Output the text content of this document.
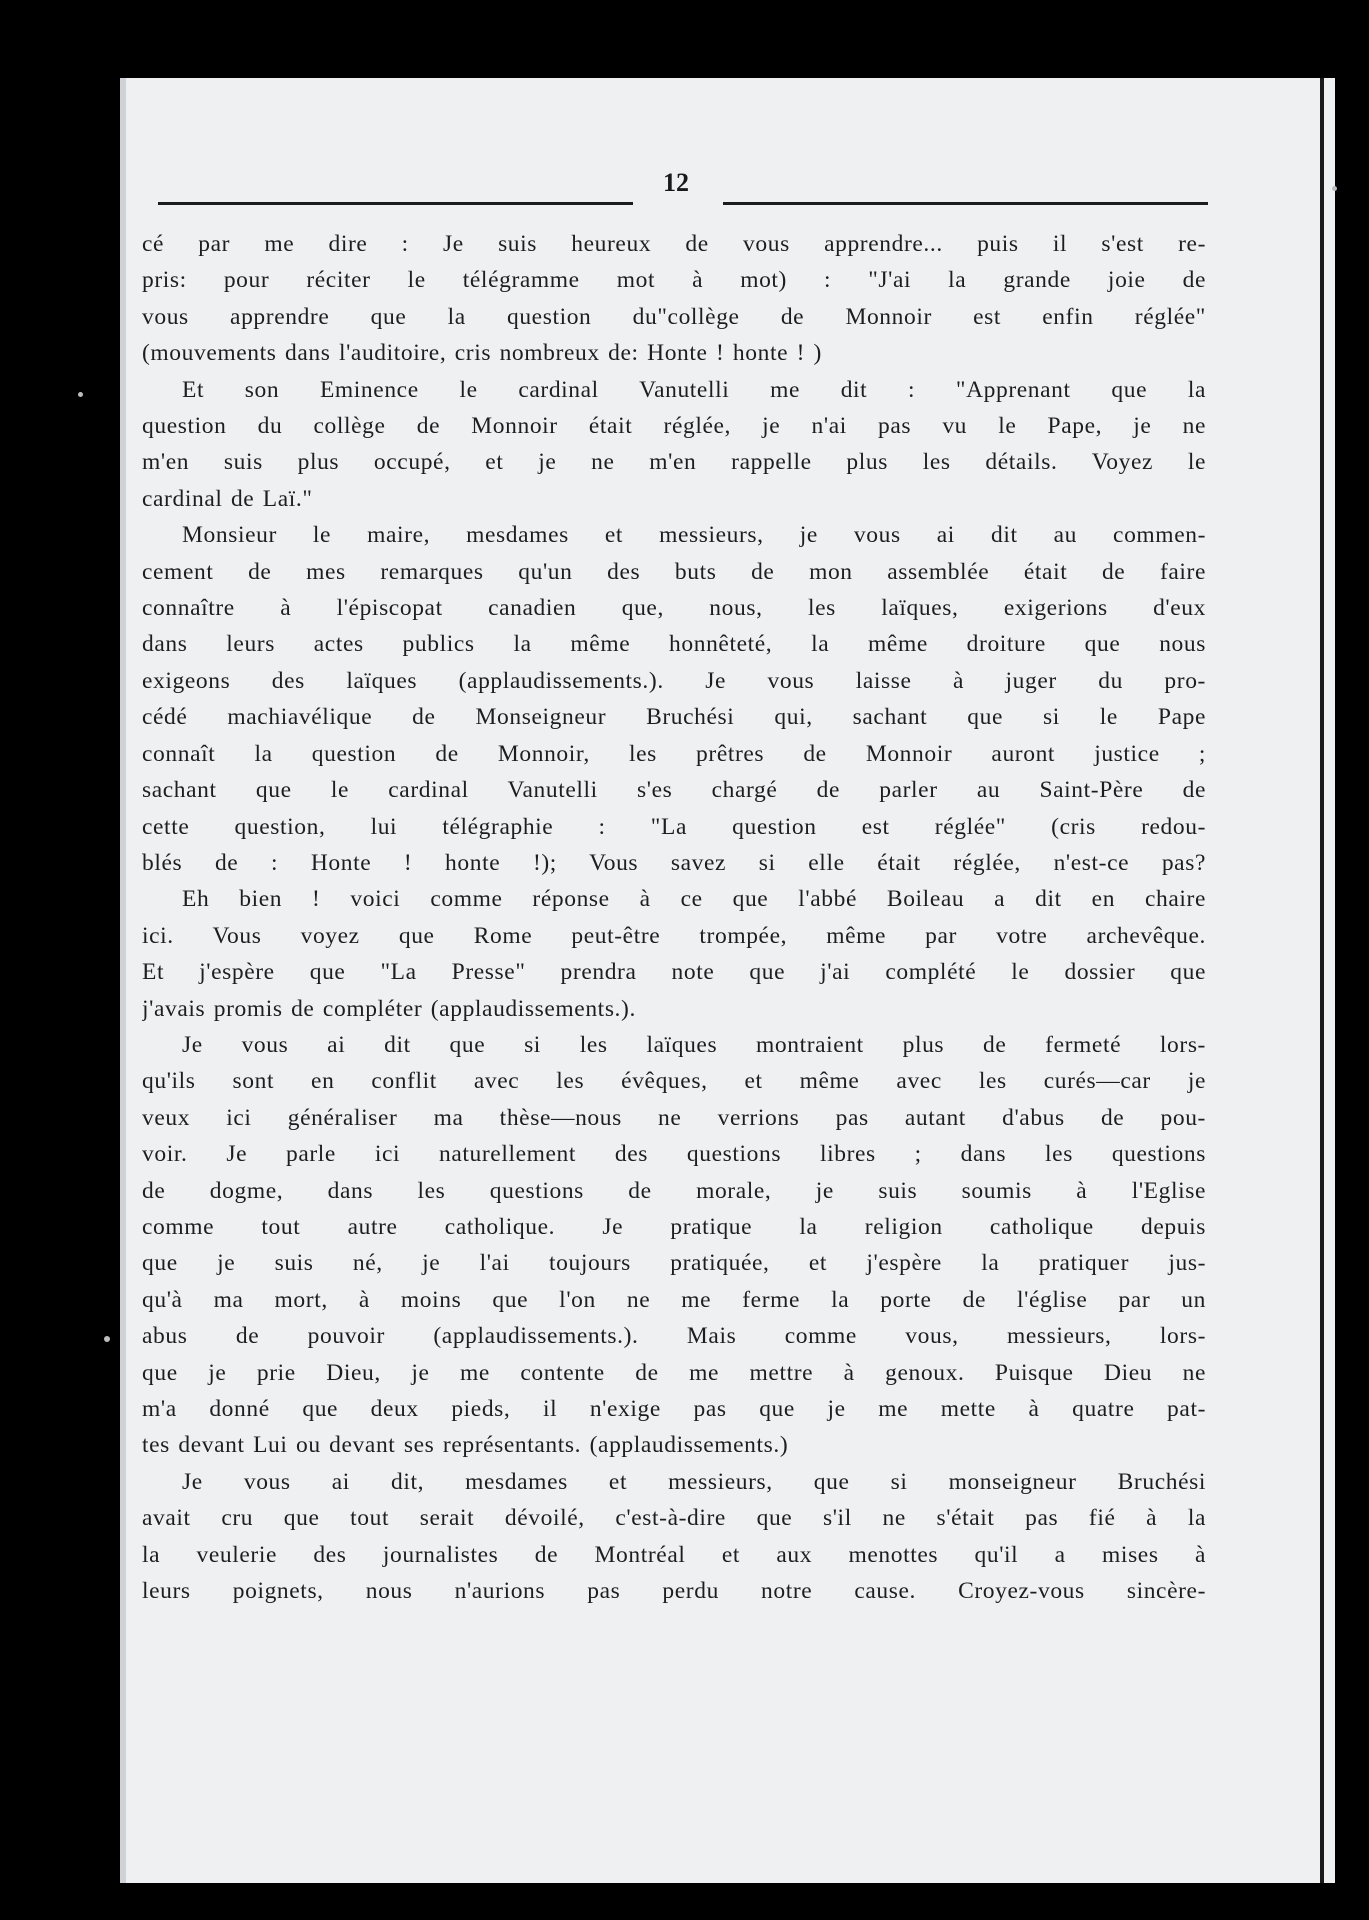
12
cé par me dire : Je suis heureux de vous apprendre... puis il s'est re-
pris: pour réciter le télégramme mot à mot) : "J'ai la grande joie de
vous apprendre que la question du"collège de Monnoir est enfin réglée"
(mouvements dans l'auditoire, cris nombreux de: Honte ! honte ! )
Et son Eminence le cardinal Vanutelli me dit : "Apprenant que la
question du collège de Monnoir était réglée, je n'ai pas vu le Pape, je ne
m'en suis plus occupé, et je ne m'en rappelle plus les détails. Voyez le
cardinal de Laï."
Monsieur le maire, mesdames et messieurs, je vous ai dit au commen-
cement de mes remarques qu'un des buts de mon assemblée était de faire
connaître à l'épiscopat canadien que, nous, les laïques, exigerions d'eux
dans leurs actes publics la même honnêteté, la même droiture que nous
exigeons des laïques (applaudissements.). Je vous laisse à juger du pro-
cédé machiavélique de Monseigneur Bruchési qui, sachant que si le Pape
connaît la question de Monnoir, les prêtres de Monnoir auront justice ;
sachant que le cardinal Vanutelli s'es chargé de parler au Saint-Père de
cette question, lui télégraphie : "La question est réglée" (cris redou-
blés de : Honte ! honte !); Vous savez si elle était réglée, n'est-ce pas?
Eh bien ! voici comme réponse à ce que l'abbé Boileau a dit en chaire
ici. Vous voyez que Rome peut-être trompée, même par votre archevêque.
Et j'espère que "La Presse" prendra note que j'ai complété le dossier que
j'avais promis de compléter (applaudissements.).
Je vous ai dit que si les laïques montraient plus de fermeté lors-
qu'ils sont en conflit avec les évêques, et même avec les curés—car je
veux ici généraliser ma thèse—nous ne verrions pas autant d'abus de pou-
voir. Je parle ici naturellement des questions libres ; dans les questions
de dogme, dans les questions de morale, je suis soumis à l'Eglise
comme tout autre catholique. Je pratique la religion catholique depuis
que je suis né, je l'ai toujours pratiquée, et j'espère la pratiquer jus-
qu'à ma mort, à moins que l'on ne me ferme la porte de l'église par un
abus de pouvoir (applaudissements.). Mais comme vous, messieurs, lors-
que je prie Dieu, je me contente de me mettre à genoux. Puisque Dieu ne
m'a donné que deux pieds, il n'exige pas que je me mette à quatre pat-
tes devant Lui ou devant ses représentants. (applaudissements.)
Je vous ai dit, mesdames et messieurs, que si monseigneur Bruchési
avait cru que tout serait dévoilé, c'est-à-dire que s'il ne s'était pas fié à la
la veulerie des journalistes de Montréal et aux menottes qu'il a mises à
leurs poignets, nous n'aurions pas perdu notre cause. Croyez-vous sincère-
